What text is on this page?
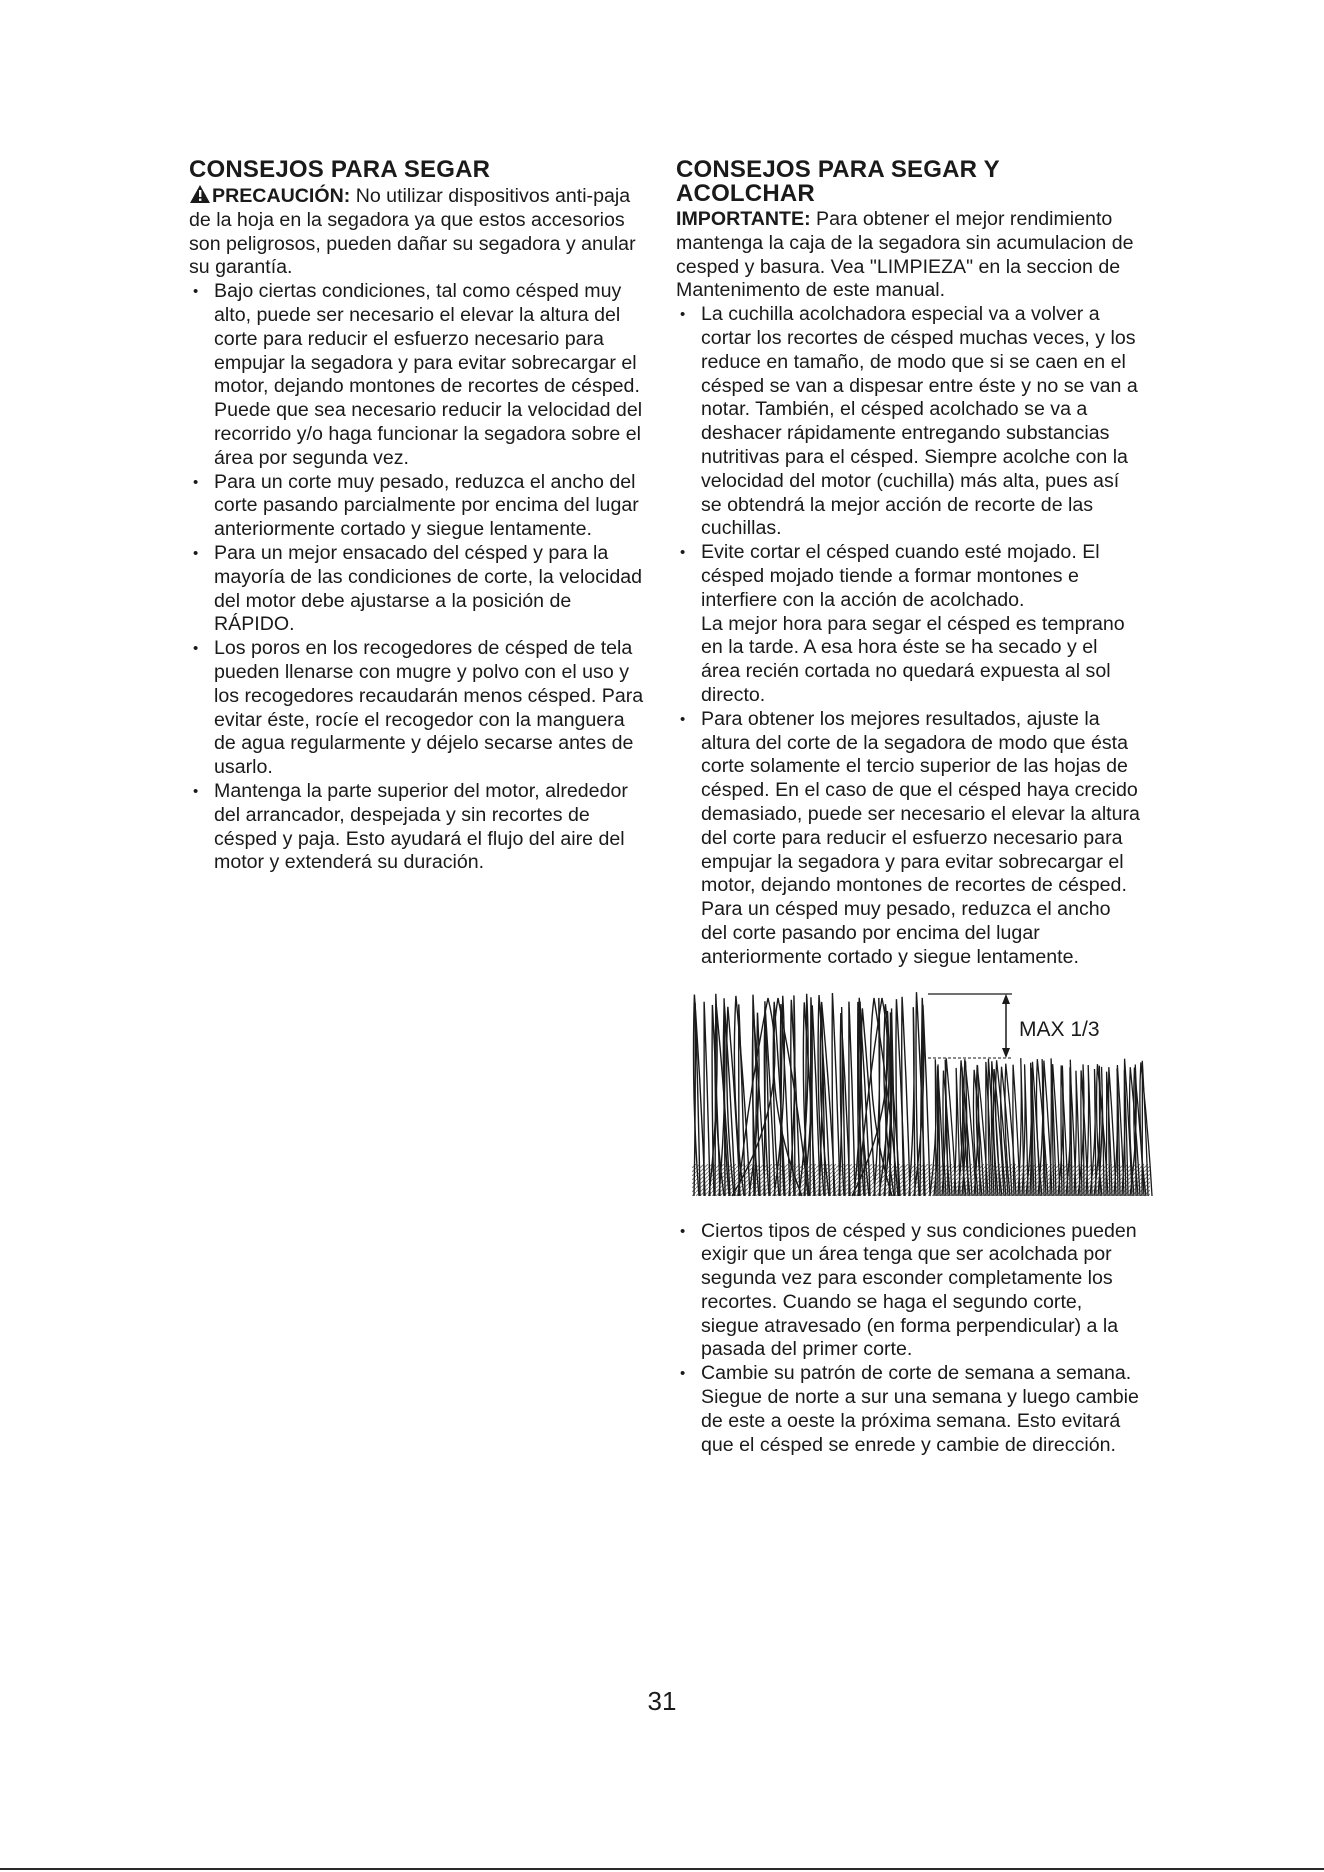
CONSEJOS PARA SEGAR

PRECAUCIÓN: No utilizar dispositivos anti-paja de la hoja en la segadora ya que estos accesorios son peligrosos, pueden dañar su segadora y anular su garantía.

• Bajo ciertas condiciones, tal como césped muy alto, puede ser necesario el elevar la altura del corte para reducir el esfuerzo necesario para empujar la segadora y para evitar sobrecargar el motor, dejando montones de recortes de césped. Puede que sea necesario reducir la velocidad del recorrido y/o haga funcionar la segadora sobre el área por segunda vez.
• Para un corte muy pesado, reduzca el ancho del corte pasando parcialmente por encima del lugar anteriormente cortado y siegue lentamente.
• Para un mejor ensacado del césped y para la mayoría de las condiciones de corte, la velocidad del motor debe ajustarse a la posición de RÁPIDO.
• Los poros en los recogedores de césped de tela pueden llenarse con mugre y polvo con el uso y los recogedores recaudarán menos césped. Para evitar éste, rocíe el recogedor con la manguera de agua regularmente y déjelo secarse antes de usarlo.
• Mantenga la parte superior del motor, alrededor del arrancador, despejada y sin recortes de césped y paja. Esto ayudará el flujo del aire del motor y extenderá su duración.
CONSEJOS PARA SEGAR Y ACOLCHAR

IMPORTANTE: Para obtener el mejor rendimiento mantenga la caja de la segadora sin acumulacion de cesped y basura. Vea "LIMPIEZA" en la seccion de Mantenimento de este manual.

• La cuchilla acolchadora especial va a volver a cortar los recortes de césped muchas veces, y los reduce en tamaño, de modo que si se caen en el césped se van a dispesar entre éste y no se van a notar. También, el césped acolchado se va a deshacer rápidamente entregando substancias nutritivas para el césped. Siempre acolche con la velocidad del motor (cuchilla) más alta, pues así se obtendrá la mejor acción de recorte de las cuchillas.
• Evite cortar el césped cuando esté mojado. El césped mojado tiende a formar montones e interfiere con la acción de acolchado.
La mejor hora para segar el césped es temprano en la tarde. A esa hora éste se ha secado y el área recién cortada no quedará expuesta al sol directo.
• Para obtener los mejores resultados, ajuste la altura del corte de la segadora de modo que ésta corte solamente el tercio superior de las hojas de césped. En el caso de que el césped haya crecido demasiado, puede ser necesario el elevar la altura del corte para reducir el esfuerzo necesario para empujar la segadora y para evitar sobrecargar el motor, dejando montones de recortes de césped.
Para un césped muy pesado, reduzca el ancho del corte pasando por encima del lugar anteriormente cortado y siegue lentamente.
MAX 1/3
• Ciertos tipos de césped y sus condiciones pueden exigir que un área tenga que ser acolchada por segunda vez para esconder completamente los recortes. Cuando se haga el segundo corte, siegue atravesado (en forma perpendicular) a la pasada del primer corte.
• Cambie su patrón de corte de semana a semana. Siegue de norte a sur una semana y luego cambie de este a oeste la próxima semana. Esto evitará que el césped se enrede y cambie de dirección.
31
